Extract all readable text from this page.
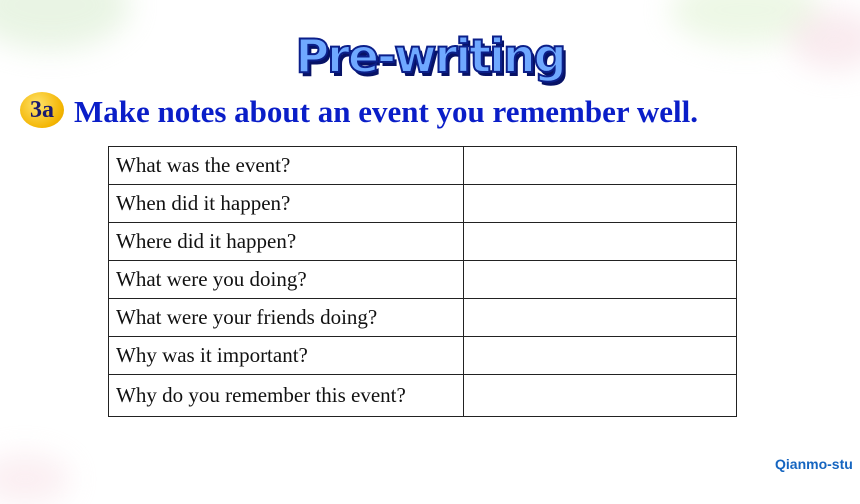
Pre-writing
3a Make notes about an event you remember well.
What was the event?	
When did it happen?	
Where did it happen?	
What were you doing?	
What were your friends doing?	
Why was it important?	
Why do you remember this event?	
Qianmo-stu
